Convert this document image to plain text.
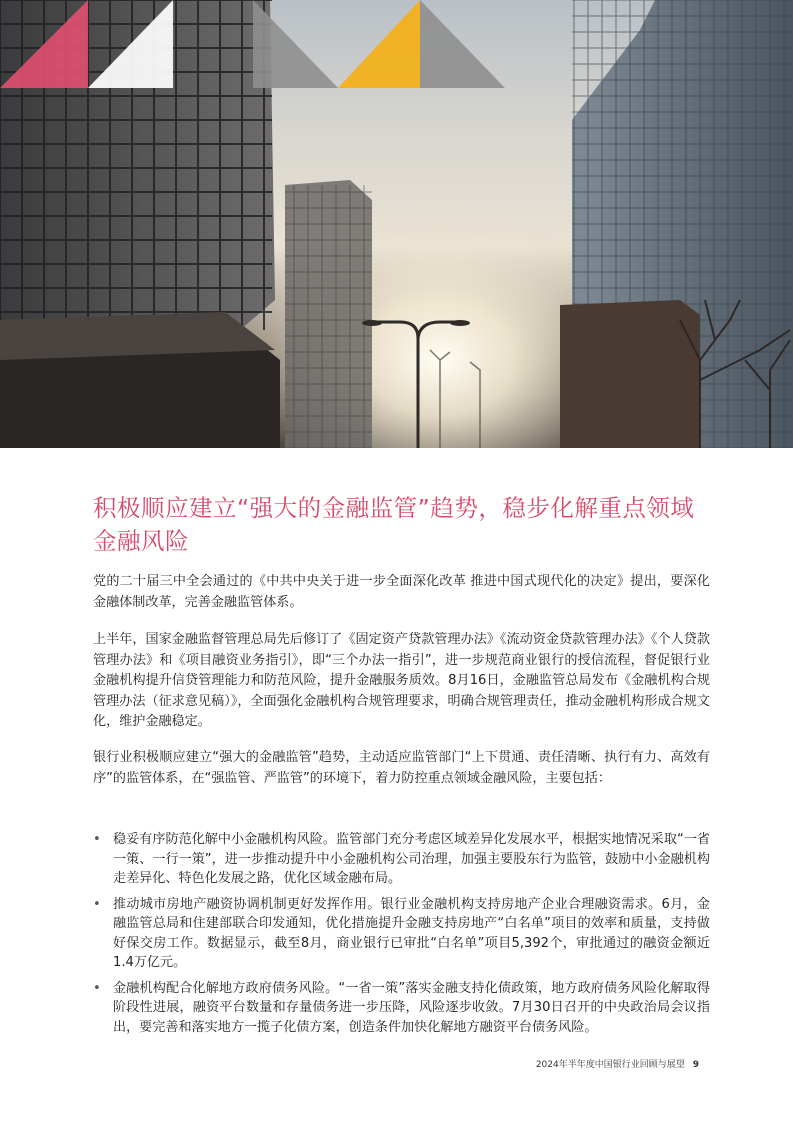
积极顺应建立“强大的金融监管”趋势，稳步化解重点领域金融风险

党的二十届三中全会通过的《中共中央关于进一步全面深化改革 推进中国式现代化的决定》提出，要深化金融体制改革，完善金融监管体系。

上半年，国家金融监督管理总局先后修订了《固定资产贷款管理办法》《流动资金贷款管理办法》《个人贷款管理办法》和《项目融资业务指引》，即“三个办法一指引”，进一步规范商业银行的授信流程，督促银行业金融机构提升信贷管理能力和防范风险，提升金融服务质效。8月16日，金融监管总局发布《金融机构合规管理办法（征求意见稿）》，全面强化金融机构合规管理要求，明确合规管理责任，推动金融机构形成合规文化，维护金融稳定。

银行业积极顺应建立“强大的金融监管”趋势，主动适应监管部门“上下贯通、责任清晰、执行有力、高效有序”的监管体系，在“强监管、严监管”的环境下，着力防控重点领域金融风险，主要包括：

• 稳妥有序防范化解中小金融机构风险。监管部门充分考虑区域差异化发展水平，根据实地情况采取“一省一策、一行一策”，进一步推动提升中小金融机构公司治理，加强主要股东行为监管，鼓励中小金融机构走差异化、特色化发展之路，优化区域金融布局。
• 推动城市房地产融资协调机制更好发挥作用。银行业金融机构支持房地产企业合理融资需求。6月，金融监管总局和住建部联合印发通知，优化措施提升金融支持房地产“白名单”项目的效率和质量，支持做好保交房工作。数据显示，截至8月，商业银行已审批“白名单”项目5,392个，审批通过的融资金额近1.4万亿元。
• 金融机构配合化解地方政府债务风险。“一省一策”落实金融支持化债政策，地方政府债务风险化解取得阶段性进展，融资平台数量和存量债务进一步压降，风险逐步收敛。7月30日召开的中央政治局会议指出，要完善和落实地方一揽子化债方案，创造条件加快化解地方融资平台债务风险。
2024年半年度中国银行业回顾与展望 9
